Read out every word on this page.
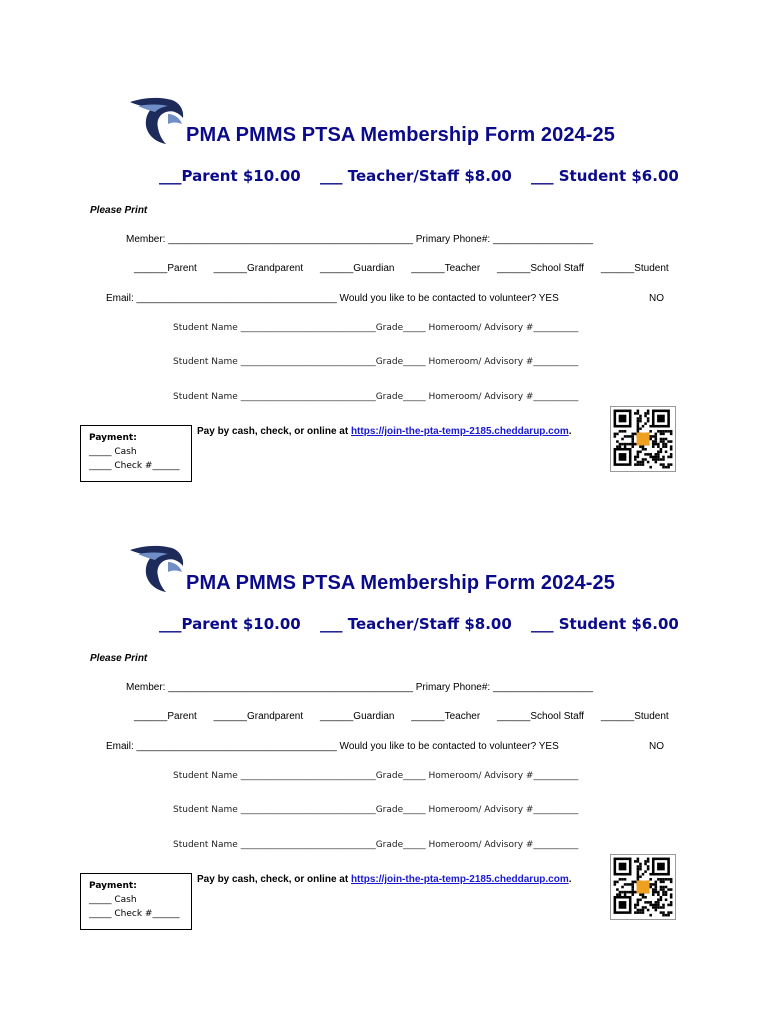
PMA PMMS PTSA Membership Form 2024-25
___Parent $10.00 ___ Teacher/Staff $8.00 ___ Student $6.00
Please Print
Member: ____________________________________________ Primary Phone#: __________________
______Parent ______Grandparent ______Guardian ______Teacher ______School Staff ______Student
Email: ____________________________________ Would you like to be contacted to volunteer? YES	NO
Student Name ______________________________Grade_____ Homeroom/ Advisory #__________
Student Name ______________________________Grade_____ Homeroom/ Advisory #__________
Student Name ______________________________Grade_____ Homeroom/ Advisory #__________
Pay by cash, check, or online at https://join-the-pta-temp-2185.cheddarup.com.
Payment:
_____ Cash
_____ Check #______
PMA PMMS PTSA Membership Form 2024-25
___Parent $10.00 ___ Teacher/Staff $8.00 ___ Student $6.00
Please Print
Member: ____________________________________________ Primary Phone#: __________________
______Parent ______Grandparent ______Guardian ______Teacher ______School Staff ______Student
Email: ____________________________________ Would you like to be contacted to volunteer? YES	NO
Student Name ______________________________Grade_____ Homeroom/ Advisory #__________
Student Name ______________________________Grade_____ Homeroom/ Advisory #__________
Student Name ______________________________Grade_____ Homeroom/ Advisory #__________
Pay by cash, check, or online at https://join-the-pta-temp-2185.cheddarup.com.
Payment:
_____ Cash
_____ Check #______
